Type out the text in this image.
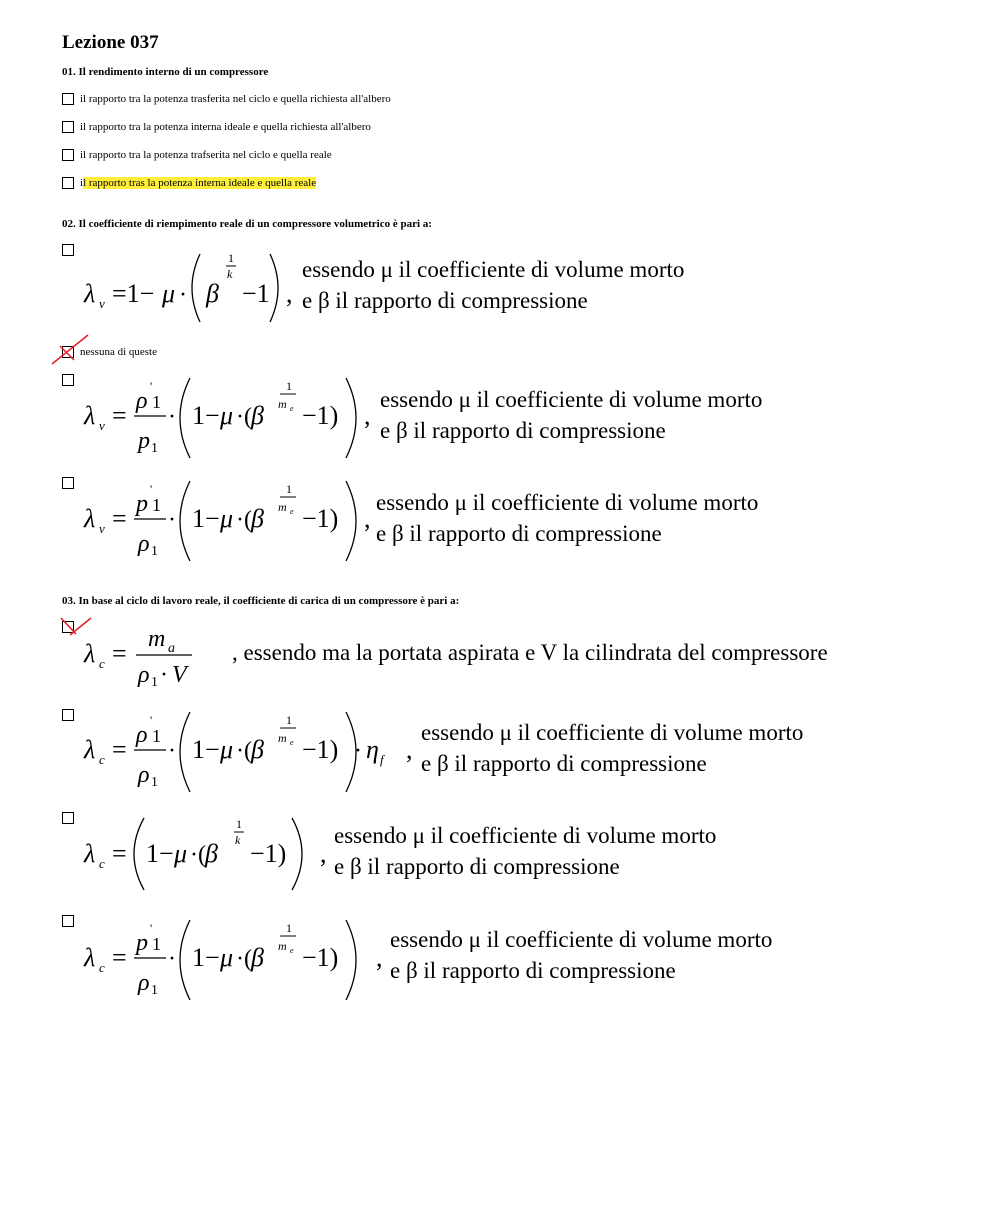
Lezione 037
01. Il rendimento interno di un compressore
il rapporto tra la potenza trasferita nel ciclo e quella richiesta all'albero
il rapporto tra la potenza interna ideale e quella richiesta all'albero
il rapporto tra la potenza trafserita nel ciclo e quella reale
il rapporto tras la potenza interna ideale e quella reale
02. Il coefficiente di riempimento reale di un compressore volumetrico è pari a:
λ v =1− μ · β
1
k
−1 ,
essendo μ il coefficiente di volume morto
e β il rapporto di compressione
nessuna di queste
λ v = ρ
'
1
p 1
· 1− μ ·( β
1
m e −1) ,
essendo μ il coefficiente di volume morto
e β il rapporto di compressione
λ v = p
'
1
ρ 1
· 1− μ ·( β
1
m e −1) ,
essendo μ il coefficiente di volume morto
e β il rapporto di compressione
03. In base al ciclo di lavoro reale, il coefficiente di carica di un compressore è pari a:
λ c = m a
ρ 1 · V
, essendo ma la portata aspirata e V la cilindrata del compressore
λ c = ρ
'
1
ρ 1
· 1− μ ·( β
1
m e −1) · η f ,
essendo μ il coefficiente di volume morto
e β il rapporto di compressione
λ c = 1− μ ·( β
1
k −1) ,
essendo μ il coefficiente di volume morto
e β il rapporto di compressione
λ c = p
'
1
ρ 1
· 1− μ ·( β
1
m e −1) ,
essendo μ il coefficiente di volume morto
e β il rapporto di compressione
